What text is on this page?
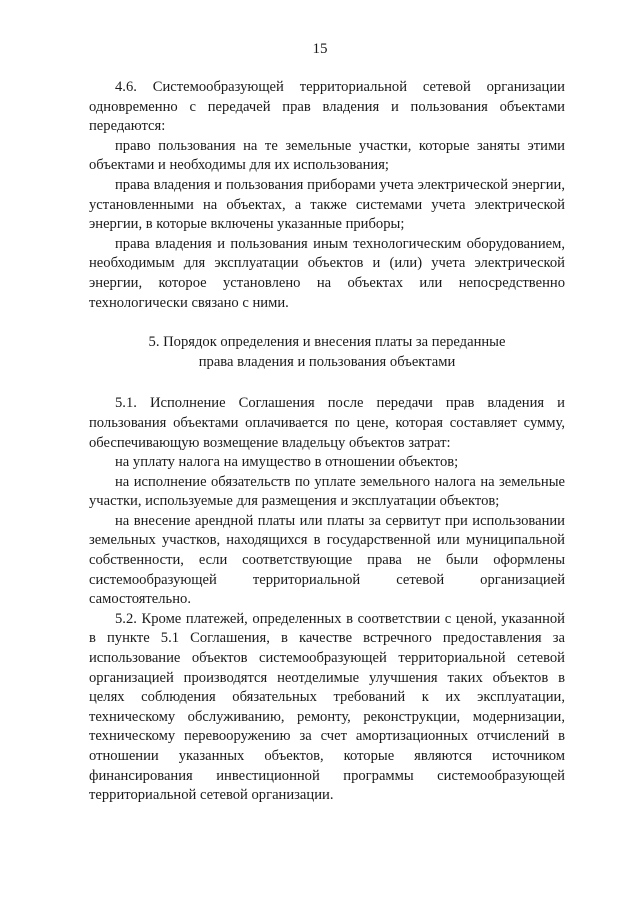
15

4.6. Системообразующей территориальной сетевой организации одновременно с передачей прав владения и пользования объектами передаются:

право пользования на те земельные участки, которые заняты этими объектами и необходимы для их использования;

права владения и пользования приборами учета электрической энергии, установленными на объектах, а также системами учета электрической энергии, в которые включены указанные приборы;

права владения и пользования иным технологическим оборудованием, необходимым для эксплуатации объектов и (или) учета электрической энергии, которое установлено на объектах или непосредственно технологически связано с ними.

5. Порядок определения и внесения платы за переданные
права владения и пользования объектами

5.1. Исполнение Соглашения после передачи прав владения и пользования объектами оплачивается по цене, которая составляет сумму, обеспечивающую возмещение владельцу объектов затрат:

на уплату налога на имущество в отношении объектов;

на исполнение обязательств по уплате земельного налога на земельные участки, используемые для размещения и эксплуатации объектов;

на внесение арендной платы или платы за сервитут при использовании земельных участков, находящихся в государственной или муниципальной собственности, если соответствующие права не были оформлены системообразующей территориальной сетевой организацией самостоятельно.

5.2. Кроме платежей, определенных в соответствии с ценой, указанной в пункте 5.1 Соглашения, в качестве встречного предоставления за использование объектов системообразующей территориальной сетевой организацией производятся неотделимые улучшения таких объектов в целях соблюдения обязательных требований к их эксплуатации, техническому обслуживанию, ремонту, реконструкции, модернизации, техническому перевооружению за счет амортизационных отчислений в отношении указанных объектов, которые являются источником финансирования инвестиционной программы системообразующей территориальной сетевой организации.
